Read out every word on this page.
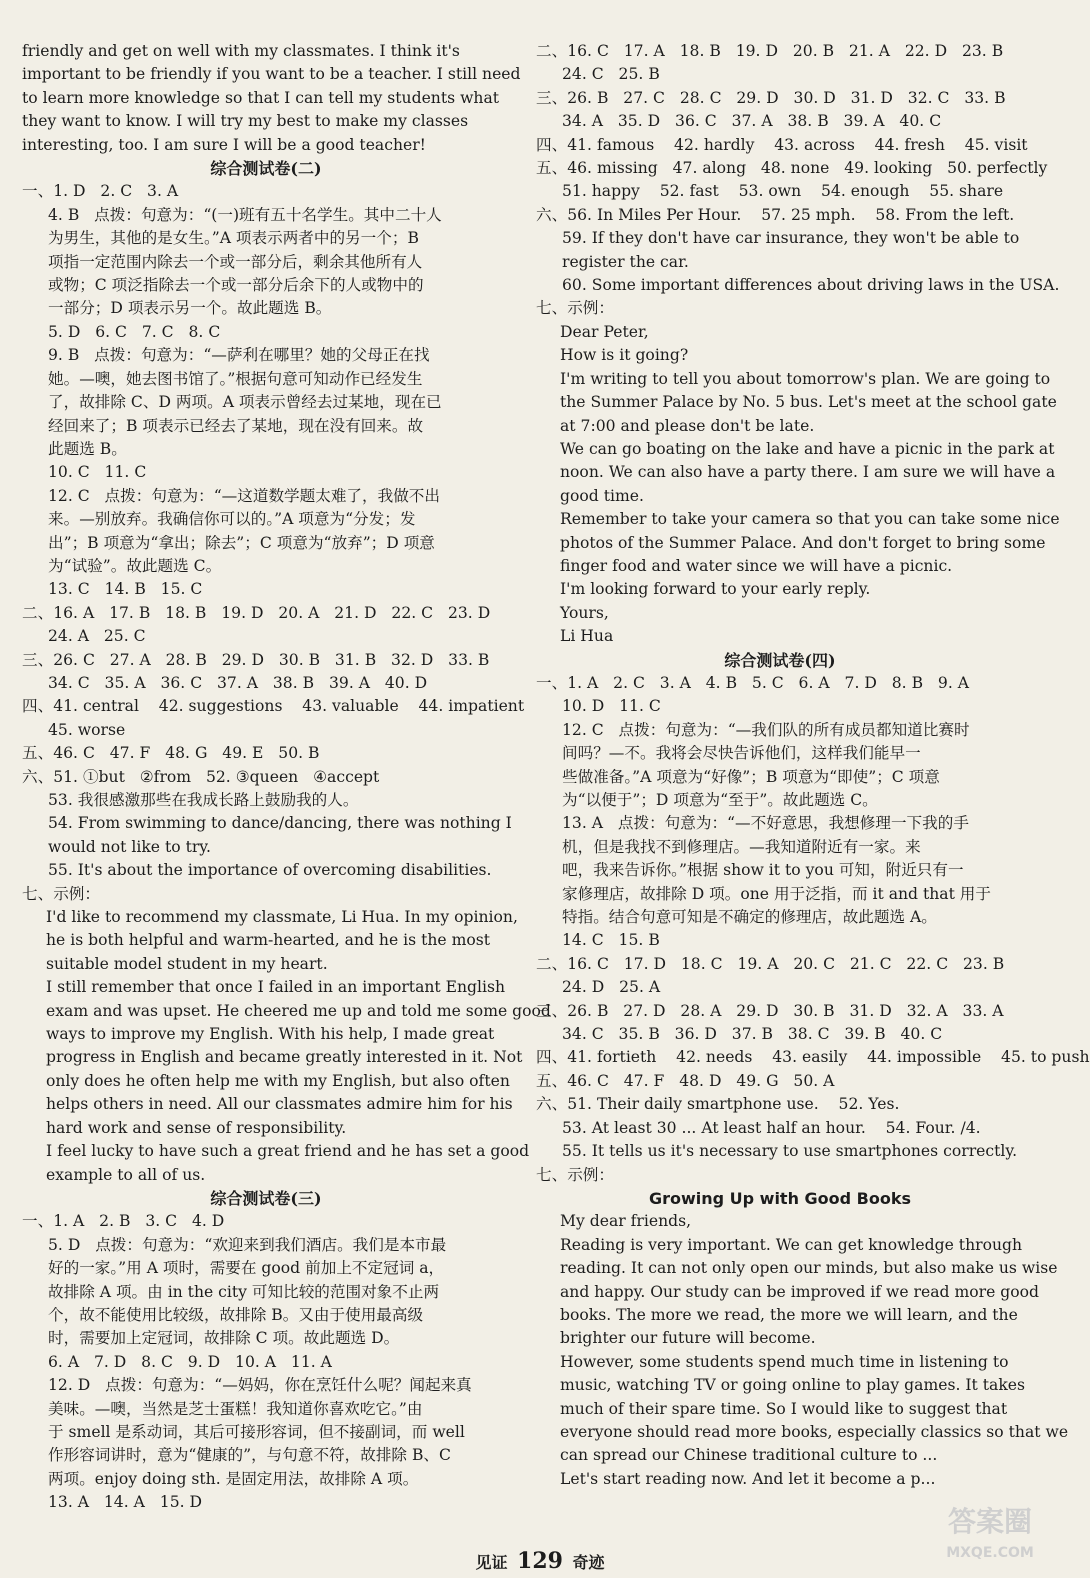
friendly and get on well with my classmates. I think it's
important to be friendly if you want to be a teacher. I still need
to learn more knowledge so that I can tell my students what
they want to know. I will try my best to make my classes
interesting, too. I am sure I will be a good teacher!
综合测试卷(二)
一、1. D   2. C   3. A
4. B   点拨：句意为：“(一)班有五十名学生。其中二十人
为男生，其他的是女生。”A 项表示两者中的另一个；B
项指一定范围内除去一个或一部分后，剩余其他所有人
或物；C 项泛指除去一个或一部分后余下的人或物中的
一部分；D 项表示另一个。故此题选 B。
5. D   6. C   7. C   8. C
9. B   点拨：句意为：“—萨利在哪里？她的父母正在找
她。—噢，她去图书馆了。”根据句意可知动作已经发生
了，故排除 C、D 两项。A 项表示曾经去过某地，现在已
经回来了；B 项表示已经去了某地，现在没有回来。故
此题选 B。
10. C   11. C
12. C   点拨：句意为：“—这道数学题太难了，我做不出
来。—别放弃。我确信你可以的。”A 项意为“分发；发
出”；B 项意为“拿出；除去”；C 项意为“放弃”；D 项意
为“试验”。故此题选 C。
13. C   14. B   15. C
二、16. A   17. B   18. B   19. D   20. A   21. D   22. C   23. D
24. A   25. C
三、26. C   27. A   28. B   29. D   30. B   31. B   32. D   33. B
34. C   35. A   36. C   37. A   38. B   39. A   40. D
四、41. central    42. suggestions    43. valuable    44. impatient
45. worse
五、46. C   47. F   48. G   49. E   50. B
六、51. ①but   ②from   52. ③queen   ④accept
53. 我很感激那些在我成长路上鼓励我的人。
54. From swimming to dance/dancing, there was nothing I
would not like to try.
55. It's about the importance of overcoming disabilities.
七、示例：
I'd like to recommend my classmate, Li Hua. In my opinion,
he is both helpful and warm-hearted, and he is the most
suitable model student in my heart.
I still remember that once I failed in an important English
exam and was upset. He cheered me up and told me some good
ways to improve my English. With his help, I made great
progress in English and became greatly interested in it. Not
only does he often help me with my English, but also often
helps others in need. All our classmates admire him for his
hard work and sense of responsibility.
I feel lucky to have such a great friend and he has set a good
example to all of us.
综合测试卷(三)
一、1. A   2. B   3. C   4. D
5. D   点拨：句意为：“欢迎来到我们酒店。我们是本市最
好的一家。”用 A 项时，需要在 good 前加上不定冠词 a，
故排除 A 项。由 in the city 可知比较的范围对象不止两
个，故不能使用比较级，故排除 B。又由于使用最高级
时，需要加上定冠词，故排除 C 项。故此题选 D。
6. A   7. D   8. C   9. D   10. A   11. A
12. D   点拨：句意为：“—妈妈，你在烹饪什么呢？闻起来真
美味。—噢，当然是芝士蛋糕！我知道你喜欢吃它。”由
于 smell 是系动词，其后可接形容词，但不接副词，而 well
作形容词讲时，意为“健康的”，与句意不符，故排除 B、C
两项。enjoy doing sth. 是固定用法，故排除 A 项。
13. A   14. A   15. D
二、16. C   17. A   18. B   19. D   20. B   21. A   22. D   23. B
24. C   25. B
三、26. B   27. C   28. C   29. D   30. D   31. D   32. C   33. B
34. A   35. D   36. C   37. A   38. B   39. A   40. C
四、41. famous    42. hardly    43. across    44. fresh    45. visit
五、46. missing   47. along   48. none   49. looking   50. perfectly
51. happy    52. fast    53. own    54. enough    55. share
六、56. In Miles Per Hour.    57. 25 mph.    58. From the left.
59. If they don't have car insurance, they won't be able to
register the car.
60. Some important differences about driving laws in the USA.
七、示例：
Dear Peter,
How is it going?
I'm writing to tell you about tomorrow's plan. We are going to
the Summer Palace by No. 5 bus. Let's meet at the school gate
at 7:00 and please don't be late.
We can go boating on the lake and have a picnic in the park at
noon. We can also have a party there. I am sure we will have a
good time.
Remember to take your camera so that you can take some nice
photos of the Summer Palace. And don't forget to bring some
finger food and water since we will have a picnic.
I'm looking forward to your early reply.
Yours,
Li Hua
综合测试卷(四)
一、1. A   2. C   3. A   4. B   5. C   6. A   7. D   8. B   9. A
10. D   11. C
12. C   点拨：句意为：“—我们队的所有成员都知道比赛时
间吗？—不。我将会尽快告诉他们，这样我们能早一
些做准备。”A 项意为“好像”；B 项意为“即使”；C 项意
为“以便于”；D 项意为“至于”。故此题选 C。
13. A   点拨：句意为：“—不好意思，我想修理一下我的手
机，但是我找不到修理店。—我知道附近有一家。来
吧，我来告诉你。”根据 show it to you 可知，附近只有一
家修理店，故排除 D 项。one 用于泛指，而 it and that 用于
特指。结合句意可知是不确定的修理店，故此题选 A。
14. C   15. B
二、16. C   17. D   18. C   19. A   20. C   21. C   22. C   23. B
24. D   25. A
三、26. B   27. D   28. A   29. D   30. B   31. D   32. A   33. A
34. C   35. B   36. D   37. B   38. C   39. B   40. C
四、41. fortieth    42. needs    43. easily    44. impossible    45. to push
五、46. C   47. F   48. D   49. G   50. A
六、51. Their daily smartphone use.    52. Yes.
53. At least 30 ... At least half an hour.    54. Four. /4.
55. It tells us it's necessary to use smartphones correctly.
七、示例：
Growing Up with Good Books
My dear friends,
Reading is very important. We can get knowledge through
reading. It can not only open our minds, but also make us wise
and happy. Our study can be improved if we read more good
books. The more we read, the more we will learn, and the
brighter our future will become.
However, some students spend much time in listening to
music, watching TV or going online to play games. It takes
much of their spare time. So I would like to suggest that
everyone should read more books, especially classics so that we
can spread our Chinese traditional culture to ...
Let's start reading now. And let it become a p...
见证 129 奇迹
答案圈
MXQE.COM
